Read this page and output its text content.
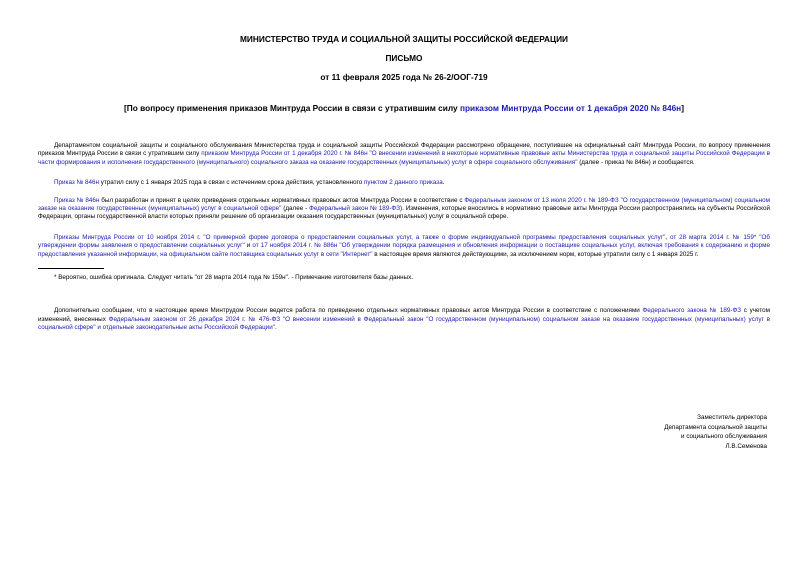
МИНИСТЕРСТВО ТРУДА И СОЦИАЛЬНОЙ ЗАЩИТЫ РОССИЙСКОЙ ФЕДЕРАЦИИ
ПИСЬМО
от 11 февраля 2025 года № 26-2/ООГ-719
[По вопросу применения приказов Минтруда России в связи с утратившим силу приказом Минтруда России от 1 декабря 2020 № 846н]

Департаментом социальной защиты и социального обслуживания Министерства труда и социальной защиты Российской Федерации рассмотрено обращение, поступившее на официальный сайт Минтруда России, по вопросу применения приказов Минтруда России в связи с утратившим силу приказом Минтруда России от 1 декабря 2020 г. № 846н "О внесении изменений в некоторые нормативные правовые акты Министерства труда и социальной защиты Российской Федерации в части формирования и исполнения государственного (муниципального) социального заказа на оказание государственных (муниципальных) услуг в сфере социального обслуживания" (далее - приказ № 846н) и сообщается.

Приказ № 846н утратил силу с 1 января 2025 года в связи с истечением срока действия, установленного пунктом 2 данного приказа.

Приказ № 846н был разработан и принят в целях приведения отдельных нормативных правовых актов Минтруда России в соответствие с Федеральным законом от 13 июля 2020 г. № 189-ФЗ "О государственном (муниципальном) социальном заказе на оказание государственных (муниципальных) услуг в социальной сфере" (далее - Федеральный закон № 189-ФЗ). Изменения, которые вносились в нормативно правовые акты Минтруда России распространялись на субъекты Российской Федерации, органы государственной власти которых приняли решение об организации оказания государственных (муниципальных) услуг в социальной сфере.

Приказы Минтруда России от 10 ноября 2014 г. "О примерной форме договора о предоставлении социальных услуг, а также о форме индивидуальной программы предоставления социальных услуг", от 28 марта 2014 г. № 159* "Об утверждении формы заявления о предоставлении социальных услуг" и от 17 ноября 2014 г. № 886н "Об утверждении порядка размещения и обновления информации о поставщике социальных услуг, включая требования к содержанию и форме предоставления указанной информации, на официальном сайте поставщика социальных услуг в сети "Интернет" в настоящее время являются действующими, за исключением норм, которые утратили силу с 1 января 2025 г.

* Вероятно, ошибка оригинала. Следует читать "от 28 марта 2014 года № 159н". - Примечание изготовителя базы данных.

Дополнительно сообщаем, что в настоящее время Минтрудом России ведется работа по приведению отдельных нормативных правовых актов Минтруда России в соответствие с положениями Федерального закона № 189-ФЗ с учетом изменений, внесенных Федеральным законом от 26 декабря 2024 г. № 476-ФЗ "О внесении изменений в Федеральный закон "О государственном (муниципальном) социальном заказе на оказание государственных (муниципальных) услуг в социальной сфере" и отдельные законодательные акты Российской Федерации".

Заместитель директора
Департамента социальной защиты
и социального обслуживания
Л.В.Семенова
